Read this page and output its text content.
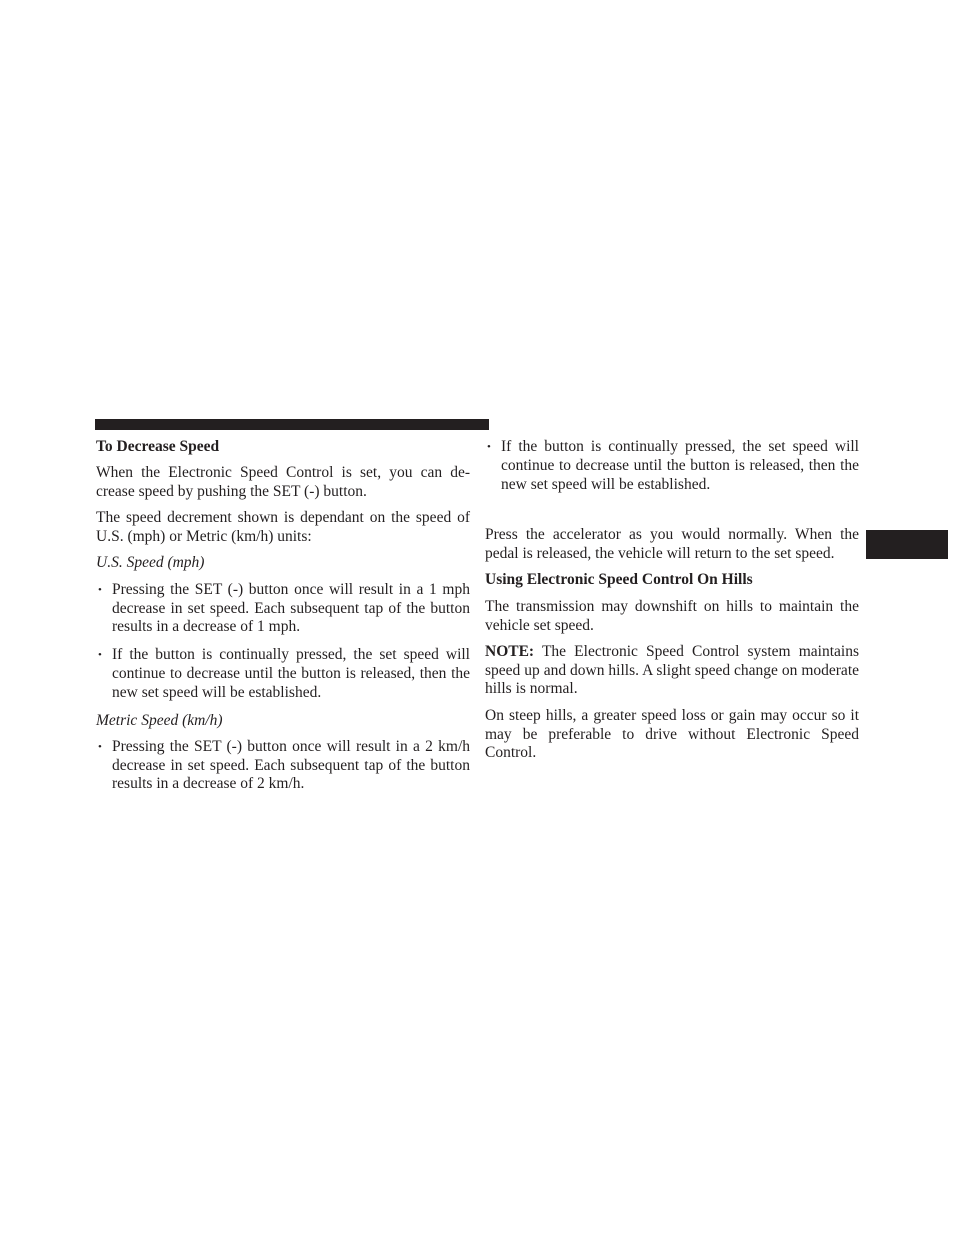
To Decrease Speed

When the Electronic Speed Control is set, you can de-crease speed by pushing the SET (-) button.

The speed decrement shown is dependant on the speed of U.S. (mph) or Metric (km/h) units:

U.S. Speed (mph)
• Pressing the SET (-) button once will result in a 1 mph decrease in set speed. Each subsequent tap of the button results in a decrease of 1 mph.
• If the button is continually pressed, the set speed will continue to decrease until the button is released, then the new set speed will be established.
Metric Speed (km/h)
• Pressing the SET (-) button once will result in a 2 km/h decrease in set speed. Each subsequent tap of the button results in a decrease of 2 km/h.
• If the button is continually pressed, the set speed will continue to decrease until the button is released, then the new set speed will be established.

Press the accelerator as you would normally. When the pedal is released, the vehicle will return to the set speed.

Using Electronic Speed Control On Hills

The transmission may downshift on hills to maintain the vehicle set speed.

NOTE: The Electronic Speed Control system maintains speed up and down hills. A slight speed change on moderate hills is normal.

On steep hills, a greater speed loss or gain may occur so it may be preferable to drive without Electronic Speed Control.
